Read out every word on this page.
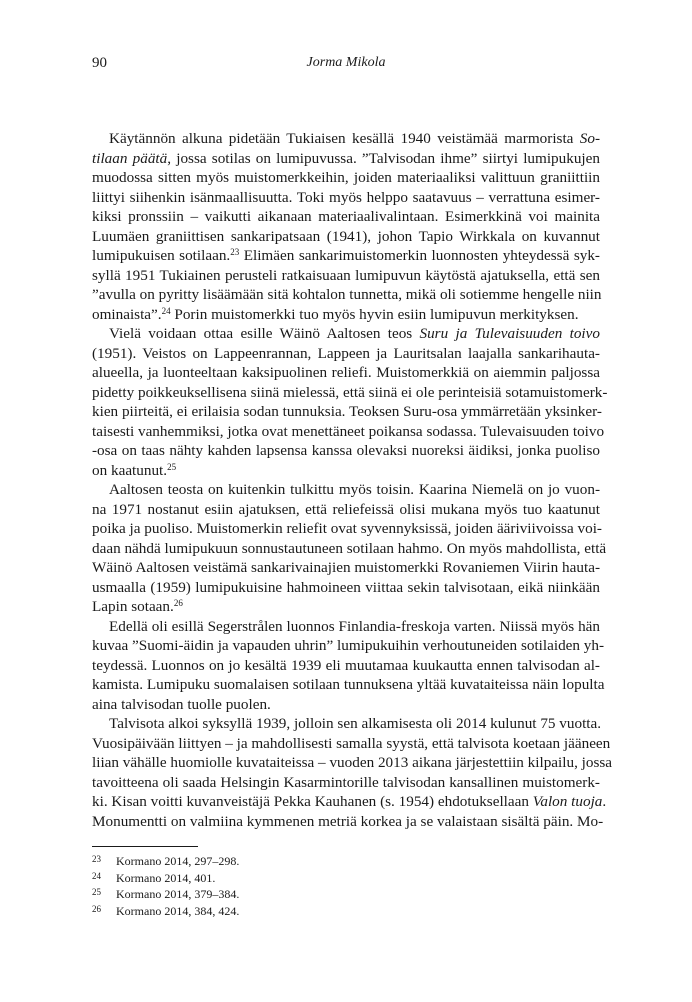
90	Jorma Mikola
Käytännön alkuna pidetään Tukiaisen kesällä 1940 veistämää marmorista So-
tilaan päätä, jossa sotilas on lumipuvussa. ”Talvisodan ihme” siirtyi lumipukujen
muodossa sitten myös muistomerkkeihin, joiden materiaaliksi valittuun graniittiin
liittyi siihenkin isänmaallisuutta. Toki myös helppo saatavuus – verrattuna esimer-
kiksi pronssiin – vaikutti aikanaan materiaalivalintaan. Esimerkkinä voi mainita
Luumäen graniittisen sankaripatsaan (1941), johon Tapio Wirkkala on kuvannut
lumipukuisen sotilaan.$^{23}$ Elimäen sankarimuistomerkin luonnosten yhteydessä syk-
syllä 1951 Tukiainen perusteli ratkaisuaan lumipuvun käytöstä ajatuksella, että sen
”avulla on pyritty lisäämään sitä kohtalon tunnetta, mikä oli sotiemme hengelle niin
ominaista”.$^{24}$ Porin muistomerkki tuo myös hyvin esiin lumipuvun merkityksen.
Vielä voidaan ottaa esille Wäinö Aaltosen teos Suru ja Tulevaisuuden toivo
(1951). Veistos on Lappeenrannan, Lappeen ja Lauritsalan laajalla sankarihauta-
alueella, ja luonteeltaan kaksipuolinen reliefi. Muistomerkkiä on aiemmin paljossa
pidetty poikkeuksellisena siinä mielessä, että siinä ei ole perinteisiä sotamuistomerk-
kien piirteitä, ei erilaisia sodan tunnuksia. Teoksen Suru-osa ymmärretään yksinker-
taisesti vanhemmiksi, jotka ovat menettäneet poikansa sodassa. Tulevaisuuden toivo
-osa on taas nähty kahden lapsensa kanssa olevaksi nuoreksi äidiksi, jonka puoliso
on kaatunut.$^{25}$
Aaltosen teosta on kuitenkin tulkittu myös toisin. Kaarina Niemelä on jo vuon-
na 1971 nostanut esiin ajatuksen, että reliefeissä olisi mukana myös tuo kaatunut
poika ja puoliso. Muistomerkin reliefit ovat syvennyksissä, joiden ääriviivoissa voi-
daan nähdä lumipukuun sonnustautuneen sotilaan hahmo. On myös mahdollista, että
Wäinö Aaltosen veistämä sankarivainajien muistomerkki Rovaniemen Viirin hauta-
usmaalla (1959) lumipukuisine hahmoineen viittaa sekin talvisotaan, eikä niinkään
Lapin sotaan.$^{26}$
Edellä oli esillä Segerstrålen luonnos Finlandia-freskoja varten. Niissä myös hän
kuvaa ”Suomi-äidin ja vapauden uhrin” lumipukuihin verhoutuneiden sotilaiden yh-
teydessä. Luonnos on jo kesältä 1939 eli muutamaa kuukautta ennen talvisodan al-
kamista. Lumipuku suomalaisen sotilaan tunnuksena yltää kuvataiteissa näin lopulta
aina talvisodan tuolle puolen.
Talvisota alkoi syksyllä 1939, jolloin sen alkamisesta oli 2014 kulunut 75 vuotta.
Vuosipäivään liittyen – ja mahdollisesti samalla syystä, että talvisota koetaan jääneen
liian vähälle huomiolle kuvataiteissa – vuoden 2013 aikana järjestettiin kilpailu, jossa
tavoitteena oli saada Helsingin Kasarmintorille talvisodan kansallinen muistomerk-
ki. Kisan voitti kuvanveistäjä Pekka Kauhanen (s. 1954) ehdotuksellaan Valon tuoja.
Monumentti on valmiina kymmenen metriä korkea ja se valaistaan sisältä päin. Mo-
23 Kormano 2014, 297–298.
24 Kormano 2014, 401.
25 Kormano 2014, 379–384.
26 Kormano 2014, 384, 424.
